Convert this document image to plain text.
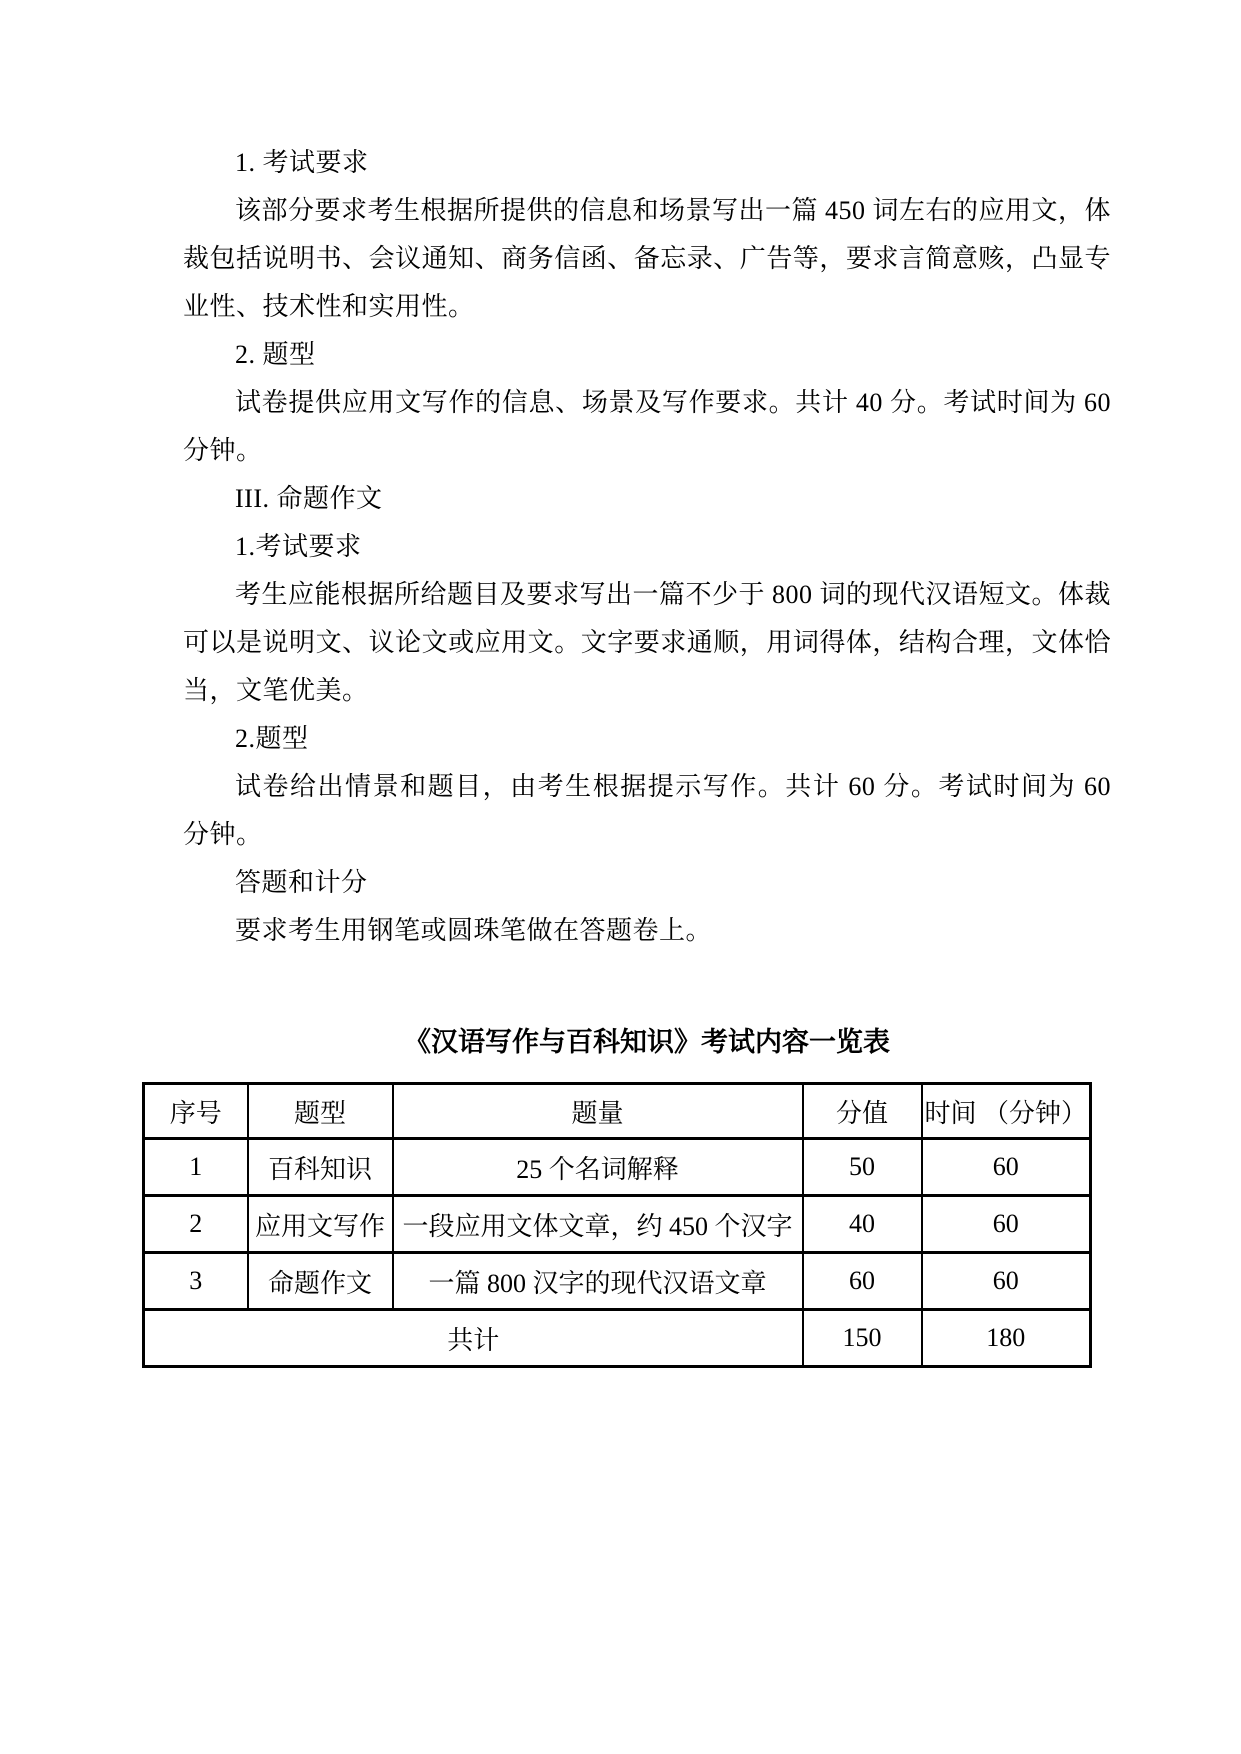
1. 考试要求

该部分要求考生根据所提供的信息和场景写出一篇 450 词左右的应用文，体裁包括说明书、会议通知、商务信函、备忘录、广告等，要求言简意赅，凸显专业性、技术性和实用性。

2. 题型

试卷提供应用文写作的信息、场景及写作要求。共计 40 分。考试时间为 60 分钟。

III. 命题作文

1.考试要求

考生应能根据所给题目及要求写出一篇不少于 800 词的现代汉语短文。体裁可以是说明文、议论文或应用文。文字要求通顺，用词得体，结构合理，文体恰当，文笔优美。

2.题型

试卷给出情景和题目，由考生根据提示写作。共计 60 分。考试时间为 60 分钟。

答题和计分

要求考生用钢笔或圆珠笔做在答题卷上。

《汉语写作与百科知识》考试内容一览表
序号	题型	题量	分值	时间 （分钟）
1	百科知识	25 个名词解释	50	60
2	应用文写作	一段应用文体文章，约 450 个汉字	40	60
3	命题作文	一篇 800 汉字的现代汉语文章	60	60
共计			150	180
